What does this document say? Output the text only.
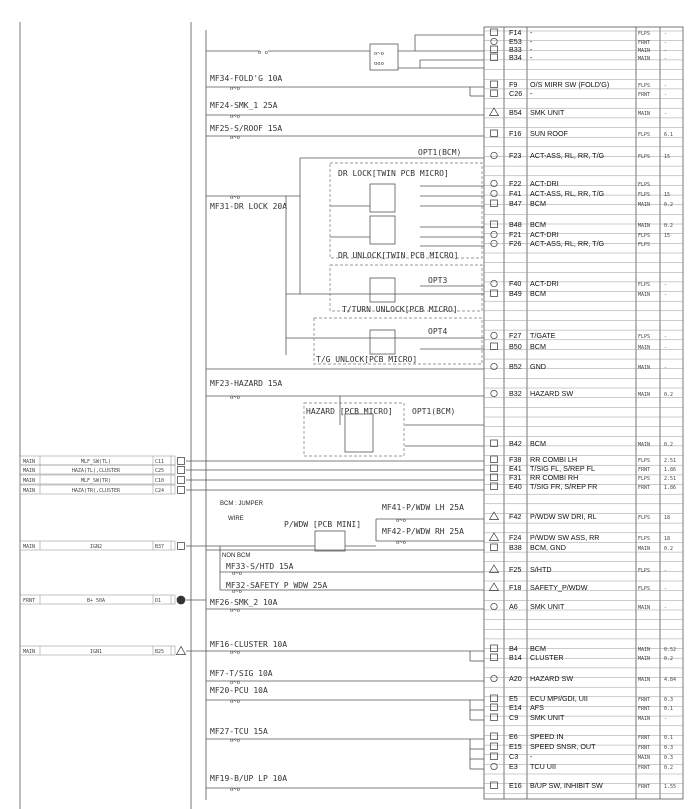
F14 -	FLPS	-
E53 -	FRNT	-
B33 -	MAIN	-
B34 -	MAIN	-
F9 O/S MIRR SW (FOLD'G)	FLPS	-
C26 -	FRNT	-
B54 SMK UNIT	MAIN	-
F16 SUN ROOF	FLPS	6.1
F23 ACT-ASS, RL, RR, T/G	FLPS	15
F22 ACT-DRI	FLPS
F41 ACT-ASS, RL, RR, T/G	FLPS	15
B47 BCM	MAIN	0.2
B48 BCM	MAIN	0.2
F21 ACT-DRI	FLPS	15
F26 ACT-ASS, RL, RR, T/G	FLPS
F40 ACT-DRI	FLPS	-
B49 BCM	MAIN	-
F27 T/GATE	FLPS	-
B50 BCM	MAIN	-
B52 GND	MAIN	-
B32 HAZARD SW	MAIN	0.2
B42 BCM	MAIN	0.2
F38 RR COMBI LH	FLPS	2.51
E41 T/SIG FL, S/REP FL	FRNT	1.86
F31 RR COMBI RH	FLPS	2.51
E40 T/SIG FR, S/REP FR	FRNT	1.86
F42 P/WDW SW DRI, RL	FLPS	18
F24 P/WDW SW ASS, RR	FLPS	18
B38 BCM, GND	MAIN	0.2
F25 S/HTD	FLPS	-
F18 SAFETY_P/WDW	FLPS	-
A6 SMK UNIT	MAIN	-
B4 BCM	MAIN	0.52
B14 CLUSTER	MAIN	0.2
A20 HAZARD SW	MAIN	4.84
E5 ECU MPI/GDI, UII	FRNT	0.3
E14 AFS	FRNT	0.1
C9 SMK UNIT	MAIN	-
E6 SPEED IN	FRNT	0.1
E15 SPEED SNSR, OUT	FRNT	0.3
C3 -	MAIN	0.3
E3 TCU UII	FRNT	0.2
E16 B/UP SW, INHIBIT SW	FRNT	1.55
MF34-FOLD'G 10A
MF24-SMK_1 25A
MF25-S/ROOF 15A
MF31-DR LOCK 20A
MF23-HAZARD 15A
MF41-P/WDW LH 25A
MF42-P/WDW RH 25A
MF33-S/HTD 15A
MF32-SAFETY P_WDW 25A
MF26-SMK_2 10A
MF16-CLUSTER 10A
MF7-T/SIG 10A
MF20-PCU 10A
MF27-TCU 15A
MF19-B/UP LP 10A
o~o
o~o
o~o
o~o
o~o
o~o
o~o
o~o
o~o
o~o
o~o
o~o
o~o
o~o
o~o
o o	o~o
ooo
OPT1(BCM)
DR LOCK[TWIN PCB MICRO]
DR UNLOCK[TWIN PCB MICRO]
OPT3
T/TURN UNLOCK[PCB MICRO]
OPT4
T/G UNLOCK[PCB MICRO]
HAZARD [PCB MICRO] OPT1(BCM)
P/WDW [PCB MINI]
BCM : JUMPER
WIRE
NON BCM
MAIN	MLF_SW(TL)	C11
MAIN	HAZA(TL),CLUSTER	C25
MAIN	MLF_SW(TR)	C10
MAIN	HAZA(TR),CLUSTER	C24
MAIN	IGN2	B37
FRNT	B+ 50A	D1
MAIN	IGN1	B25
